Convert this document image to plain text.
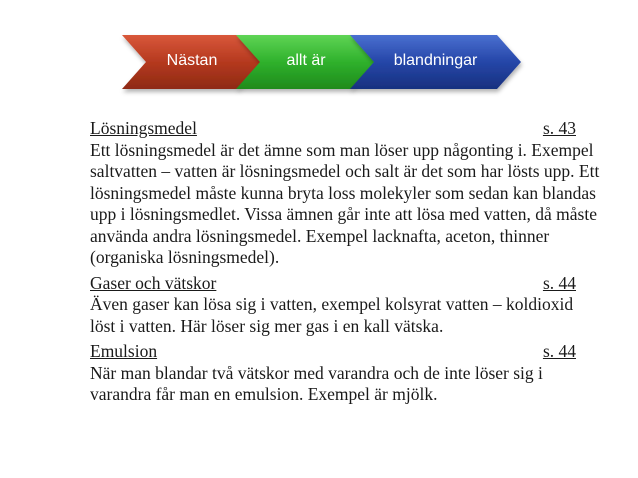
Nästan	allt är	blandningar
Lösningsmedel	s. 43

Ett lösningsmedel är det ämne som man löser upp någonting i. Exempel saltvatten – vatten är lösningsmedel och salt är det som har lösts upp. Ett lösningsmedel måste kunna bryta loss molekyler som sedan kan blandas upp i lösningsmedlet. Vissa ämnen går inte att lösa med vatten, då måste använda andra lösningsmedel. Exempel lacknafta, aceton, thinner (organiska lösningsmedel).

Gaser och vätskor	s. 44

Även gaser kan lösa sig i vatten, exempel kolsyrat vatten – koldioxid löst i vatten. Här löser sig mer gas i en kall vätska.

Emulsion	s. 44

När man blandar två vätskor med varandra och de inte löser sig i varandra får man en emulsion. Exempel är mjölk.
